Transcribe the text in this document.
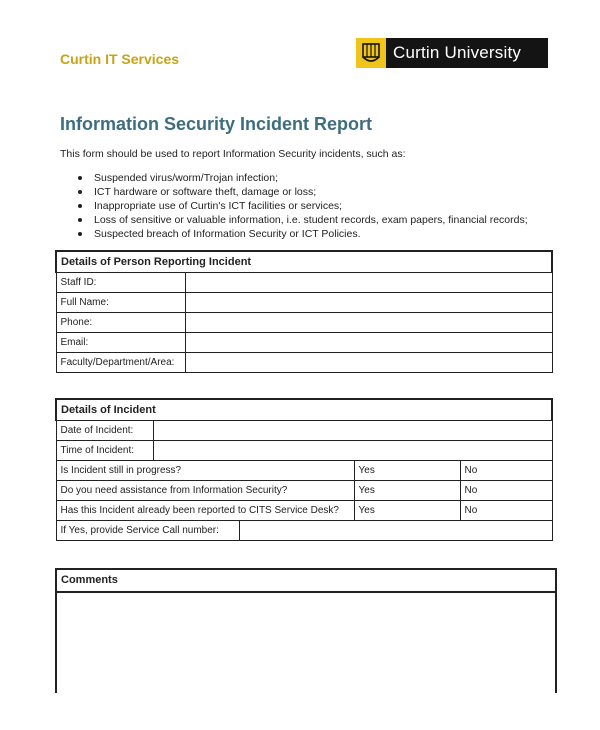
Curtin IT Services	Curtin University
Information Security Incident Report
This form should be used to report Information Security incidents, such as:
Suspended virus/worm/Trojan infection;
ICT hardware or software theft, damage or loss;
Inappropriate use of Curtin's ICT facilities or services;
Loss of sensitive or valuable information, i.e. student records, exam papers, financial records;
Suspected breach of Information Security or ICT Policies.
Details of Person Reporting Incident	
Staff ID:	
Full Name:	
Phone:	
Email:	
Faculty/Department/Area:	
Details of Incident				
Date of Incident:				
Time of Incident:				
Is Incident still in progress?			Yes	No
Do you need assistance from Information Security?			Yes	No
Has this Incident already been reported to CITS Service Desk?			Yes	No
If Yes, provide Service Call number:				
Comments
